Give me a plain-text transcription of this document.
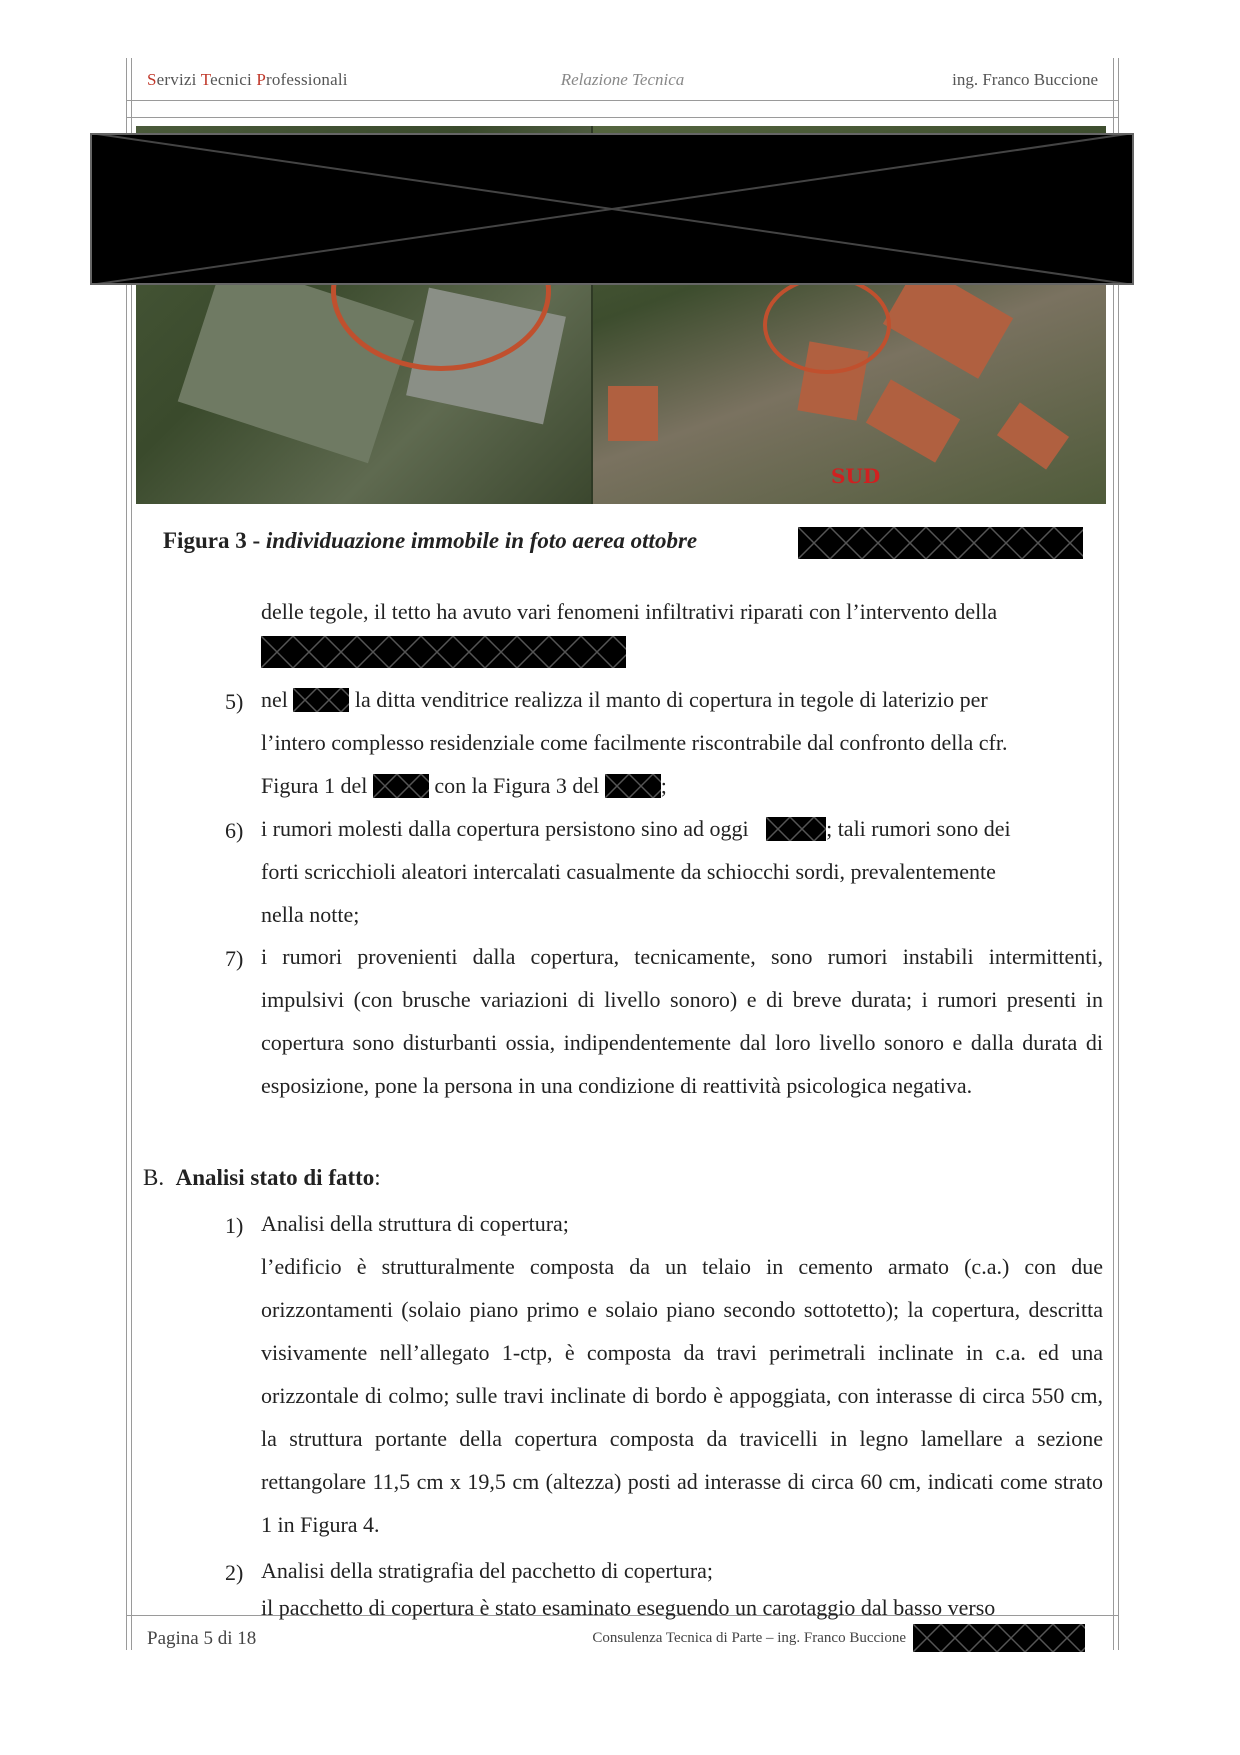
Servizi Tecnici Professionali	Relazione Tecnica	ing. Franco Buccione
SUD
Figura 3 - individuazione immobile in foto aerea ottobre
delle tegole, il tetto ha avuto vari fenomeni infiltrativi riparati con l’intervento della
5) nel	la ditta venditrice realizza il manto di copertura in tegole di laterizio per
l’intero complesso residenziale come facilmente riscontrabile dal confronto della cfr.
Figura 1 del	con la Figura 3 del	;
6) i rumori molesti dalla copertura persistono sino ad oggi	; tali rumori sono dei
forti scricchioli aleatori intercalati casualmente da schiocchi sordi, prevalentemente
nella notte;
7) i rumori provenienti dalla copertura, tecnicamente, sono rumori instabili intermittenti, impulsivi (con brusche variazioni di livello sonoro) e di breve durata; i rumori presenti in copertura sono disturbanti ossia, indipendentemente dal loro livello sonoro e dalla durata di esposizione, pone la persona in una condizione di reattività psicologica negativa.
B. Analisi stato di fatto:
1) Analisi della struttura di copertura;
l’edificio è strutturalmente composta da un telaio in cemento armato (c.a.) con due orizzontamenti (solaio piano primo e solaio piano secondo sottotetto); la copertura, descritta visivamente nell’allegato 1-ctp, è composta da travi perimetrali inclinate in c.a. ed una orizzontale di colmo; sulle travi inclinate di bordo è appoggiata, con interasse di circa 550 cm, la struttura portante della copertura composta da travicelli in legno lamellare a sezione rettangolare 11,5 cm x 19,5 cm (altezza) posti ad interasse di circa 60 cm, indicati come strato 1 in Figura 4.
2) Analisi della stratigrafia del pacchetto di copertura;
il pacchetto di copertura è stato esaminato eseguendo un carotaggio dal basso verso
Pagina 5 di 18	Consulenza Tecnica di Parte – ing. Franco Buccione
